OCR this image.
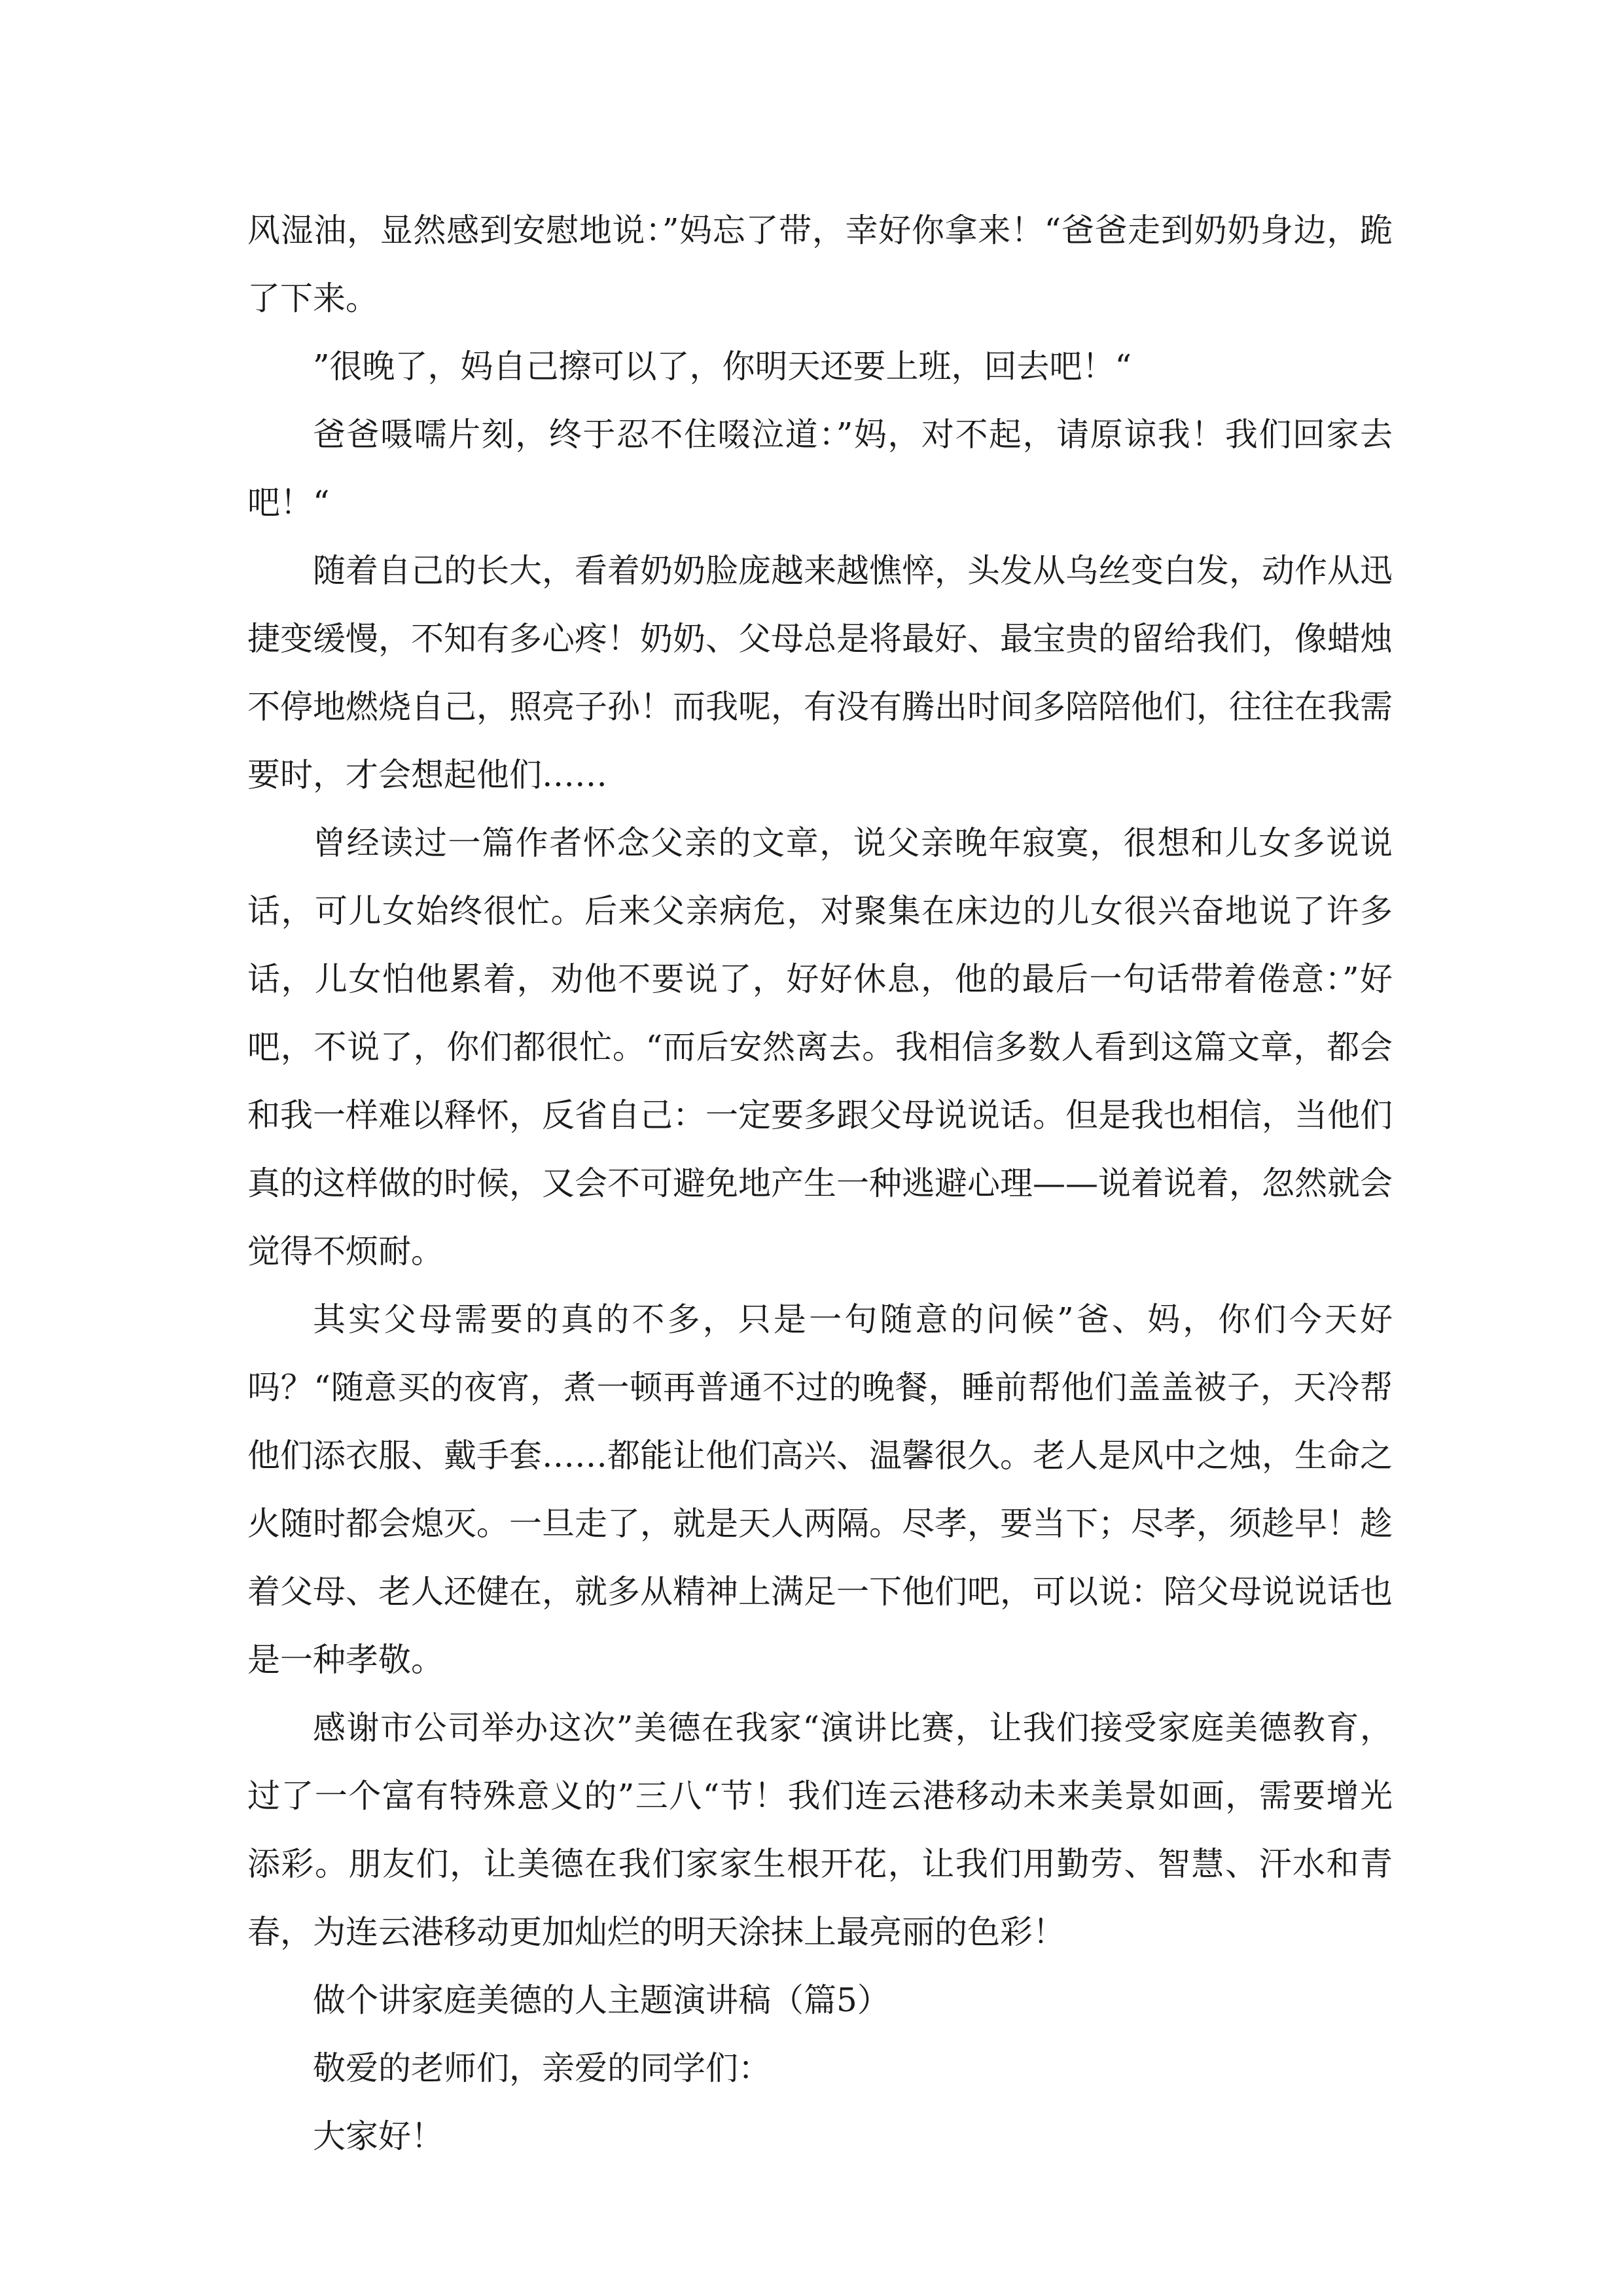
风湿油，显然感到安慰地说：”妈忘了带，幸好你拿来！“爸爸走到奶奶身边，跪了下来。

”很晚了，妈自己擦可以了，你明天还要上班，回去吧！“

爸爸嗫嚅片刻，终于忍不住啜泣道：”妈，对不起，请原谅我！我们回家去吧！“

随着自己的长大，看着奶奶脸庞越来越憔悴，头发从乌丝变白发，动作从迅捷变缓慢，不知有多心疼！奶奶、父母总是将最好、最宝贵的留给我们，像蜡烛不停地燃烧自己，照亮子孙！而我呢，有没有腾出时间多陪陪他们，往往在我需要时，才会想起他们……

曾经读过一篇作者怀念父亲的文章，说父亲晚年寂寞，很想和儿女多说说话，可儿女始终很忙。后来父亲病危，对聚集在床边的儿女很兴奋地说了许多话，儿女怕他累着，劝他不要说了，好好休息，他的最后一句话带着倦意：”好吧，不说了，你们都很忙。“而后安然离去。我相信多数人看到这篇文章，都会和我一样难以释怀，反省自己：一定要多跟父母说说话。但是我也相信，当他们真的这样做的时候，又会不可避免地产生一种逃避心理——说着说着，忽然就会觉得不烦耐。

其实父母需要的真的不多，只是一句随意的问候”爸、妈，你们今天好吗？“随意买的夜宵，煮一顿再普通不过的晚餐，睡前帮他们盖盖被子，天冷帮他们添衣服、戴手套……都能让他们高兴、温馨很久。老人是风中之烛，生命之火随时都会熄灭。一旦走了，就是天人两隔。尽孝，要当下；尽孝，须趁早！趁着父母、老人还健在，就多从精神上满足一下他们吧，可以说：陪父母说说话也是一种孝敬。

感谢市公司举办这次”美德在我家“演讲比赛，让我们接受家庭美德教育，过了一个富有特殊意义的”三八“节！我们连云港移动未来美景如画，需要增光添彩。朋友们，让美德在我们家家生根开花，让我们用勤劳、智慧、汗水和青春，为连云港移动更加灿烂的明天涂抹上最亮丽的色彩！

做个讲家庭美德的人主题演讲稿（篇5）

敬爱的老师们，亲爱的同学们：

大家好！
